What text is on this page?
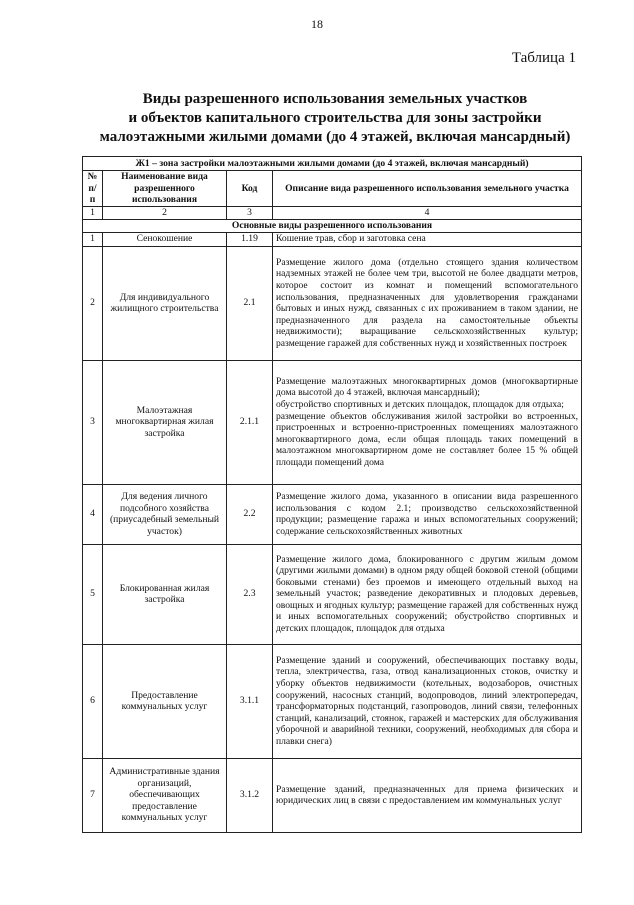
18
Таблица 1
Виды разрешенного использования земельных участков
и объектов капитального строительства для зоны застройки
малоэтажными жилыми домами (до 4 этажей, включая мансардный)
Ж1 – зона застройки малоэтажными жилыми домами (до 4 этажей, включая мансардный)			
№ п/п	Наименование вида разрешенного использования	Код	Описание вида разрешенного использования земельного участка
1	2	3	4
Основные виды разрешенного использования			
1	Сенокошение	1.19	Кошение трав, сбор и заготовка сена
2	Для индивидуального жилищного строительства	2.1	Размещение жилого дома (отдельно стоящего здания количеством надземных этажей не более чем три, высотой не более двадцати метров, которое состоит из комнат и помещений вспомогательного использования, предназначенных для удовлетворения гражданами бытовых и иных нужд, связанных с их проживанием в таком здании, не предназначенного для раздела на самостоятельные объекты недвижимости); выращивание сельскохозяйственных культур; размещение гаражей для собственных нужд и хозяйственных построек
3	Малоэтажная многоквартирная жилая застройка	2.1.1	Размещение малоэтажных многоквартирных домов (многоквартирные дома высотой до 4 этажей, включая мансардный);
обустройство спортивных и детских площадок, площадок для отдыха;
размещение объектов обслуживания жилой застройки во встроенных, пристроенных и встроенно-пристроенных помещениях малоэтажного многоквартирного дома, если общая площадь таких помещений в малоэтажном многоквартирном доме не составляет более 15 % общей площади помещений дома
4	Для ведения личного подсобного хозяйства (приусадебный земельный участок)	2.2	Размещение жилого дома, указанного в описании вида разрешенного использования с кодом 2.1; производство сельскохозяйственной продукции; размещение гаража и иных вспомогательных сооружений; содержание сельскохозяйственных животных
5	Блокированная жилая застройка	2.3	Размещение жилого дома, блокированного с другим жилым домом (другими жилыми домами) в одном ряду общей боковой стеной (общими боковыми стенами) без проемов и имеющего отдельный выход на земельный участок; разведение декоративных и плодовых деревьев, овощных и ягодных культур; размещение гаражей для собственных нужд и иных вспомогательных сооружений; обустройство спортивных и детских площадок, площадок для отдыха
6	Предоставление коммунальных услуг	3.1.1	Размещение зданий и сооружений, обеспечивающих поставку воды, тепла, электричества, газа, отвод канализационных стоков, очистку и уборку объектов недвижимости (котельных, водозаборов, очистных сооружений, насосных станций, водопроводов, линий электропередач, трансформаторных подстанций, газопроводов, линий связи, телефонных станций, канализаций, стоянок, гаражей и мастерских для обслуживания уборочной и аварийной техники, сооружений, необходимых для сбора и плавки снега)
7	Административные здания организаций, обеспечивающих предоставление коммунальных услуг	3.1.2	Размещение зданий, предназначенных для приема физических и юридических лиц в связи с предоставлением им коммунальных услуг
